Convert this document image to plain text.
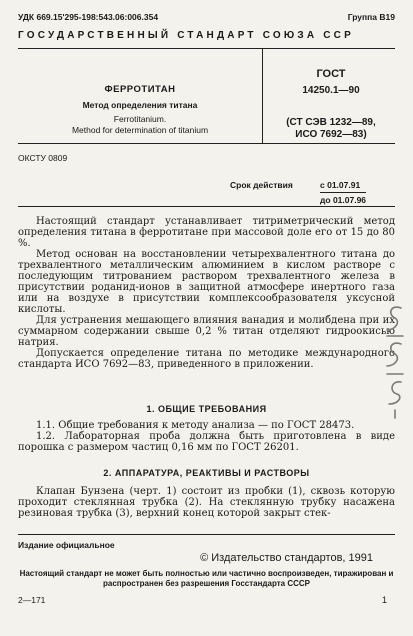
УДК 669.15'295-198:543.06:006.354	Группа В19
ГОСУДАРСТВЕННЫЙ СТАНДАРТ СОЮЗА ССР
ФЕРРОТИТАН
Метод определения титана
Ferrotitanium.
Method for determination of titanium
ГОСТ
14250.1—90
(СТ СЭВ 1232—89,
ИСО 7692—83)
ОКСТУ 0809
Срок действия	с 01.07.91
до 01.07.96

Настоящий стандарт устанавливает титриметрический метод определения титана в ферротитане при массовой доле его от 15 до 80 %.

Метод основан на восстановлении четырехвалентного титана до трехвалентного металлическим алюминием в кислом растворе с последующим титрованием раствором трехвалентного железа в присутствии роданид-ионов в защитной атмосфере инертного газа или на воздухе в присутствии комплексообразователя уксусной кислоты.

Для устранения мешающего влияния ванадия и молибдена при их суммарном содержании свыше 0,2 % титан отделяют гидроокисью натрия.

Допускается определение титана по методике международного стандарта ИСО 7692—83, приведенного в приложении.

1. ОБЩИЕ ТРЕБОВАНИЯ

1.1. Общие требования к методу анализа — по ГОСТ 28473.

1.2. Лабораторная проба должна быть приготовлена в виде порошка с размером частиц 0,16 мм по ГОСТ 26201.

2. АППАРАТУРА, РЕАКТИВЫ И РАСТВОРЫ

Клапан Бунзена (черт. 1) состоит из пробки (1), сквозь которую проходит стеклянная трубка (2). На стеклянную трубку насажена резиновая трубка (3), верхний конец которой закрыт стек-

Издание официальное
© Издательство стандартов, 1991
Настоящий стандарт не может быть полностью или частично воспроизведен, тиражирован и распространен без разрешения Госстандарта СССР
2—171	1
